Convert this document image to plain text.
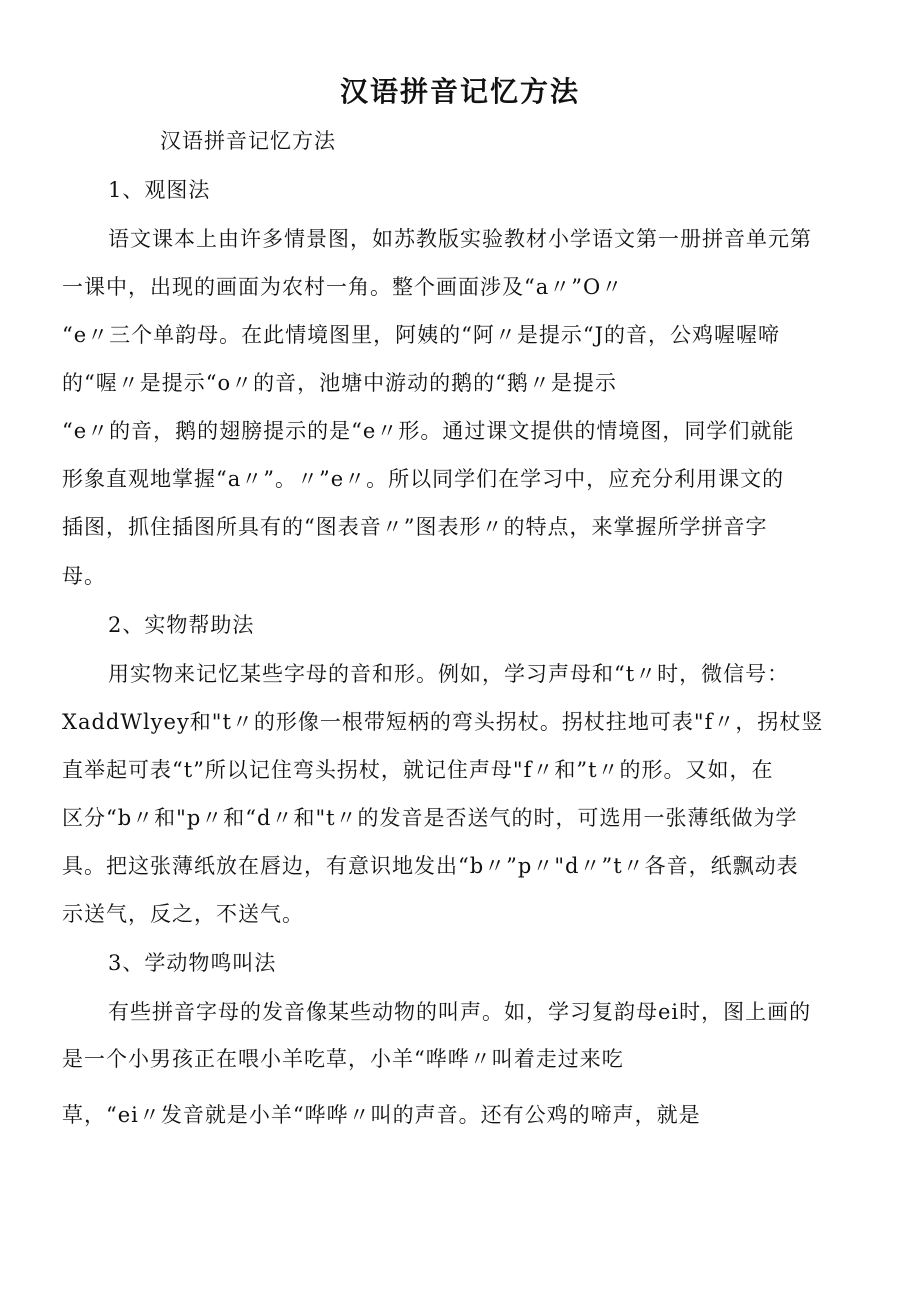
汉语拼音记忆方法
汉语拼音记忆方法
1、观图法
语文课本上由许多情景图，如苏教版实验教材小学语文第一册拼音单元第
一课中，出现的画面为农村一角。整个画面涉及“a〃”O〃
“e〃三个单韵母。在此情境图里，阿姨的“阿〃是提示“J的音，公鸡喔喔啼
的“喔〃是提示“o〃的音，池塘中游动的鹅的“鹅〃是提示
“e〃的音，鹅的翅膀提示的是“e〃形。通过课文提供的情境图，同学们就能
形象直观地掌握“a〃”。〃”e〃。所以同学们在学习中，应充分利用课文的
插图，抓住插图所具有的“图表音〃”图表形〃的特点，来掌握所学拼音字
母。
2、实物帮助法
用实物来记忆某些字母的音和形。例如，学习声母和“t〃时，微信号：
XaddWlyey和"t〃的形像一根带短柄的弯头拐杖。拐杖拄地可表"f〃，拐杖竖
直举起可表“t”所以记住弯头拐杖，就记住声母"f〃和”t〃的形。又如，在
区分“b〃和"p〃和“d〃和"t〃的发音是否送气的时，可选用一张薄纸做为学
具。把这张薄纸放在唇边，有意识地发出“b〃”p〃"d〃”t〃各音，纸飘动表
示送气，反之，不送气。
3、学动物鸣叫法
有些拼音字母的发音像某些动物的叫声。如，学习复韵母ei时，图上画的
是一个小男孩正在喂小羊吃草，小羊“哗哗〃叫着走过来吃
草，“ei〃发音就是小羊“哗哗〃叫的声音。还有公鸡的啼声，就是
